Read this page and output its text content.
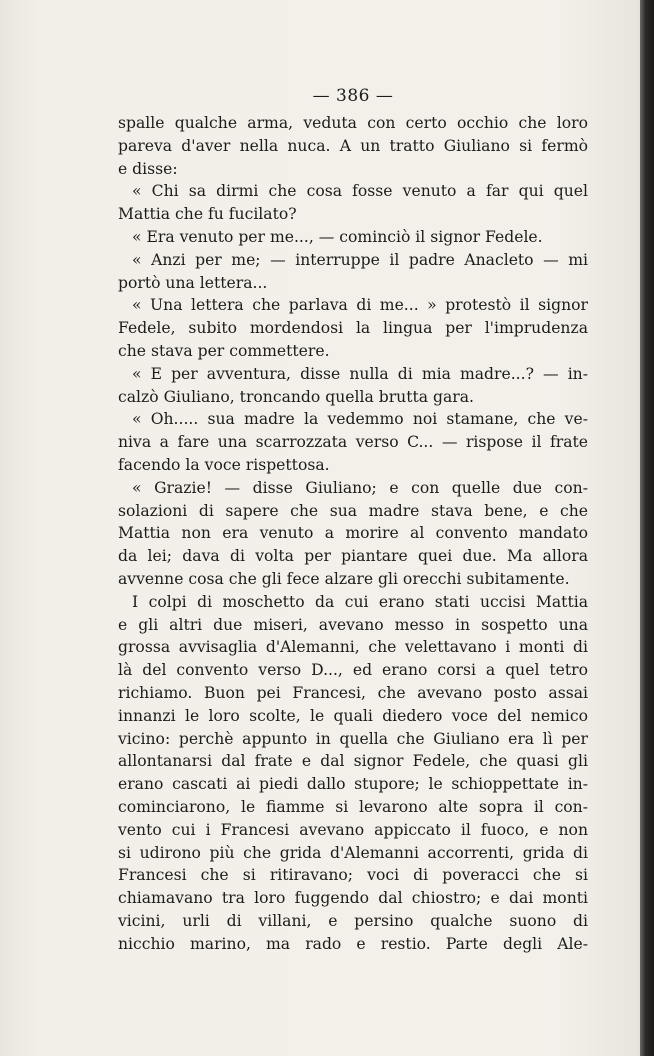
— 386 —
spalle qualche arma, veduta con certo occhio che loro
pareva d'aver nella nuca. A un tratto Giuliano si fermò
e disse:
« Chi sa dirmi che cosa fosse venuto a far qui quel
Mattia che fu fucilato?
« Era venuto per me..., — cominciò il signor Fedele.
« Anzi per me; — interruppe il padre Anacleto — mi
portò una lettera...
« Una lettera che parlava di me... » protestò il signor
Fedele, subito mordendosi la lingua per l'imprudenza
che stava per commettere.
« E per avventura, disse nulla di mia madre...? — in-
calzò Giuliano, troncando quella brutta gara.
« Oh..... sua madre la vedemmo noi stamane, che ve-
niva a fare una scarrozzata verso C... — rispose il frate
facendo la voce rispettosa.
« Grazie! — disse Giuliano; e con quelle due con-
solazioni di sapere che sua madre stava bene, e che
Mattia non era venuto a morire al convento mandato
da lei; dava di volta per piantare quei due. Ma allora
avvenne cosa che gli fece alzare gli orecchi subitamente.
I colpi di moschetto da cui erano stati uccisi Mattia
e gli altri due miseri, avevano messo in sospetto una
grossa avvisaglia d'Alemanni, che velettavano i monti di
là del convento verso D..., ed erano corsi a quel tetro
richiamo. Buon pei Francesi, che avevano posto assai
innanzi le loro scolte, le quali diedero voce del nemico
vicino: perchè appunto in quella che Giuliano era lì per
allontanarsi dal frate e dal signor Fedele, che quasi gli
erano cascati ai piedi dallo stupore; le schioppettate in-
cominciarono, le fiamme si levarono alte sopra il con-
vento cui i Francesi avevano appiccato il fuoco, e non
si udirono più che grida d'Alemanni accorrenti, grida di
Francesi che si ritiravano; voci di poveracci che si
chiamavano tra loro fuggendo dal chiostro; e dai monti
vicini, urli di villani, e persino qualche suono di
nicchio marino, ma rado e restio. Parte degli Ale-
